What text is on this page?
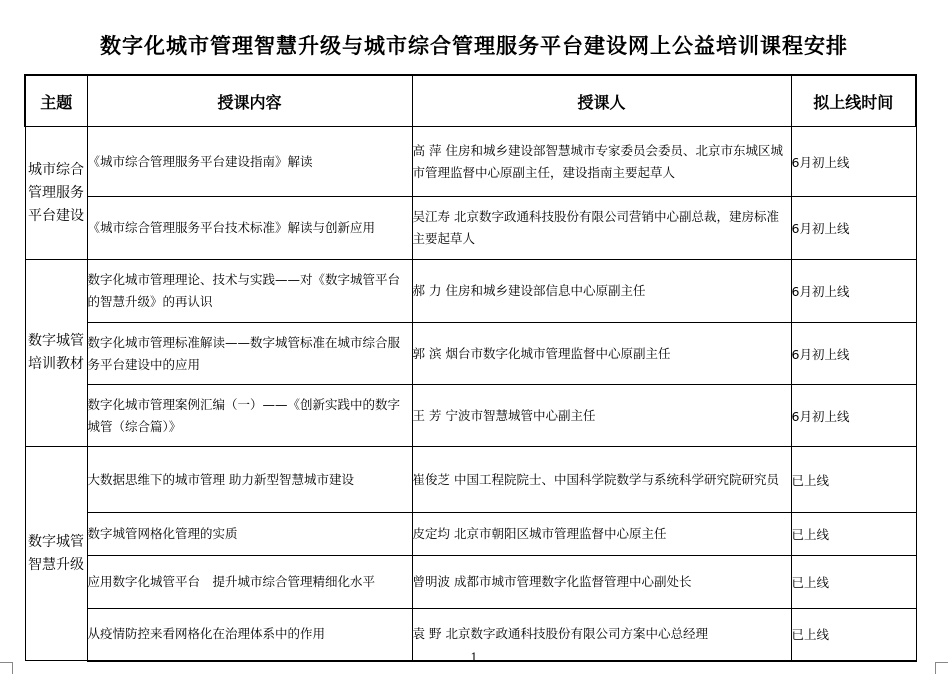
数字化城市管理智慧升级与城市综合管理服务平台建设网上公益培训课程安排
主题	授课内容	授课人	拟上线时间
城市综合管理服务平台建设	《城市综合管理服务平台建设指南》解读	高 萍 住房和城乡建设部智慧城市专家委员会委员、北京市东城区城市管理监督中心原副主任，建设指南主要起草人	6月初上线
	《城市综合管理服务平台技术标准》解读与创新应用	吴江寿 北京数字政通科技股份有限公司营销中心副总裁，建房标准主要起草人	6月初上线
数字城管培训教材	数字化城市管理理论、技术与实践——对《数字城管平台的智慧升级》的再认识	郝 力 住房和城乡建设部信息中心原副主任	6月初上线
	数字化城市管理标准解读——数字城管标准在城市综合服务平台建设中的应用	郭 滨 烟台市数字化城市管理监督中心原副主任	6月初上线
	数字化城市管理案例汇编（一）——《创新实践中的数字城管（综合篇）》	王 芳 宁波市智慧城管中心副主任	6月初上线
数字城管智慧升级	大数据思维下的城市管理 助力新型智慧城市建设	崔俊芝 中国工程院院士、中国科学院数学与系统科学研究院研究员	已上线
	数字城管网格化管理的实质	皮定均 北京市朝阳区城市管理监督中心原主任	已上线
	应用数字化城管平台　提升城市综合管理精细化水平	曾明波 成都市城市管理数字化监督管理中心副处长	已上线
	从疫情防控来看网格化在治理体系中的作用	袁 野 北京数字政通科技股份有限公司方案中心总经理	已上线
1
